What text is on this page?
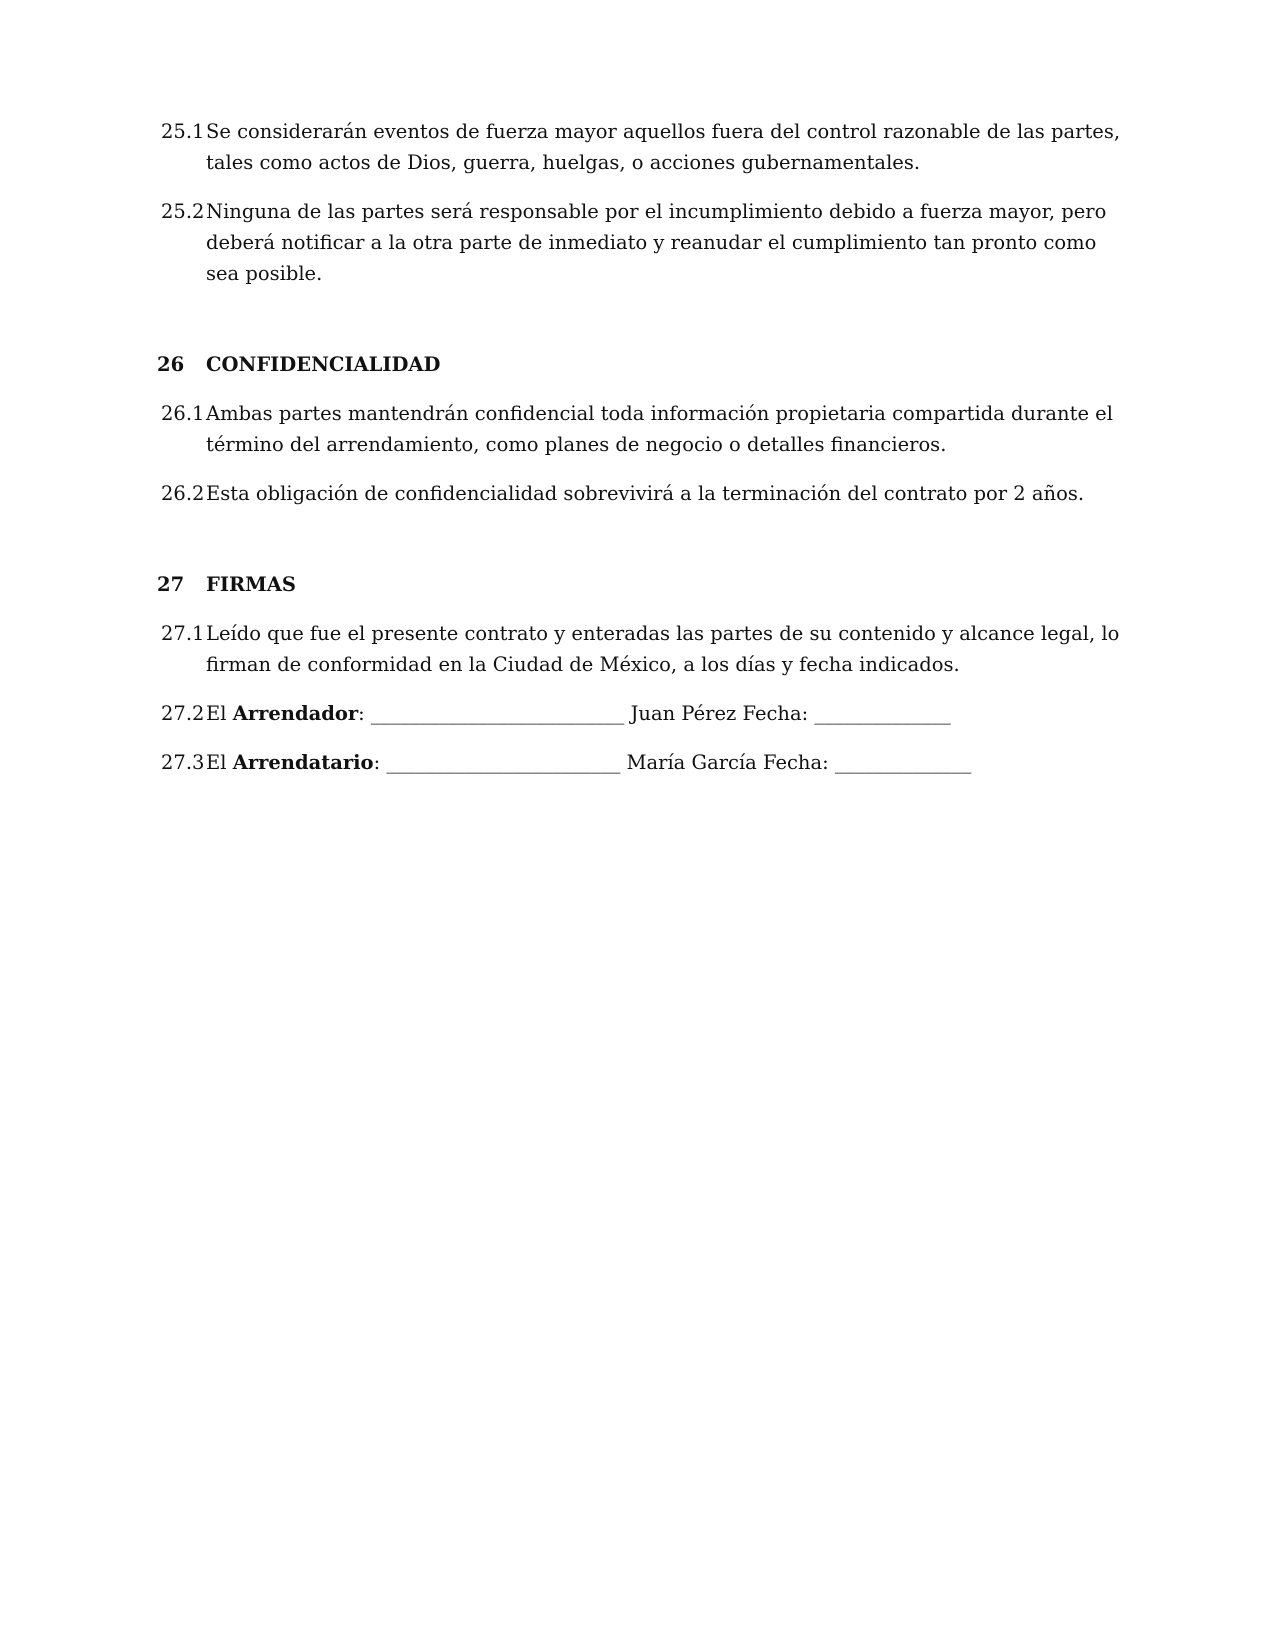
25.1 Se considerarán eventos de fuerza mayor aquellos fuera del control razonable de las partes, tales como actos de Dios, guerra, huelgas, o acciones gubernamentales.
25.2 Ninguna de las partes será responsable por el incumplimiento debido a fuerza mayor, pero deberá notificar a la otra parte de inmediato y reanudar el cumplimiento tan pronto como sea posible.
26	CONFIDENCIALIDAD
26.1 Ambas partes mantendrán confidencial toda información propietaria compartida durante el término del arrendamiento, como planes de negocio o detalles financieros.
26.2 Esta obligación de confidencialidad sobrevivirá a la terminación del contrato por 2 años.
27	FIRMAS
27.1 Leído que fue el presente contrato y enteradas las partes de su contenido y alcance legal, lo firman de conformidad en la Ciudad de México, a los días y fecha indicados.
27.2 El Arrendador: __________________________ Juan Pérez Fecha: ______________
27.3 El Arrendatario: ________________________ María García Fecha: ______________
